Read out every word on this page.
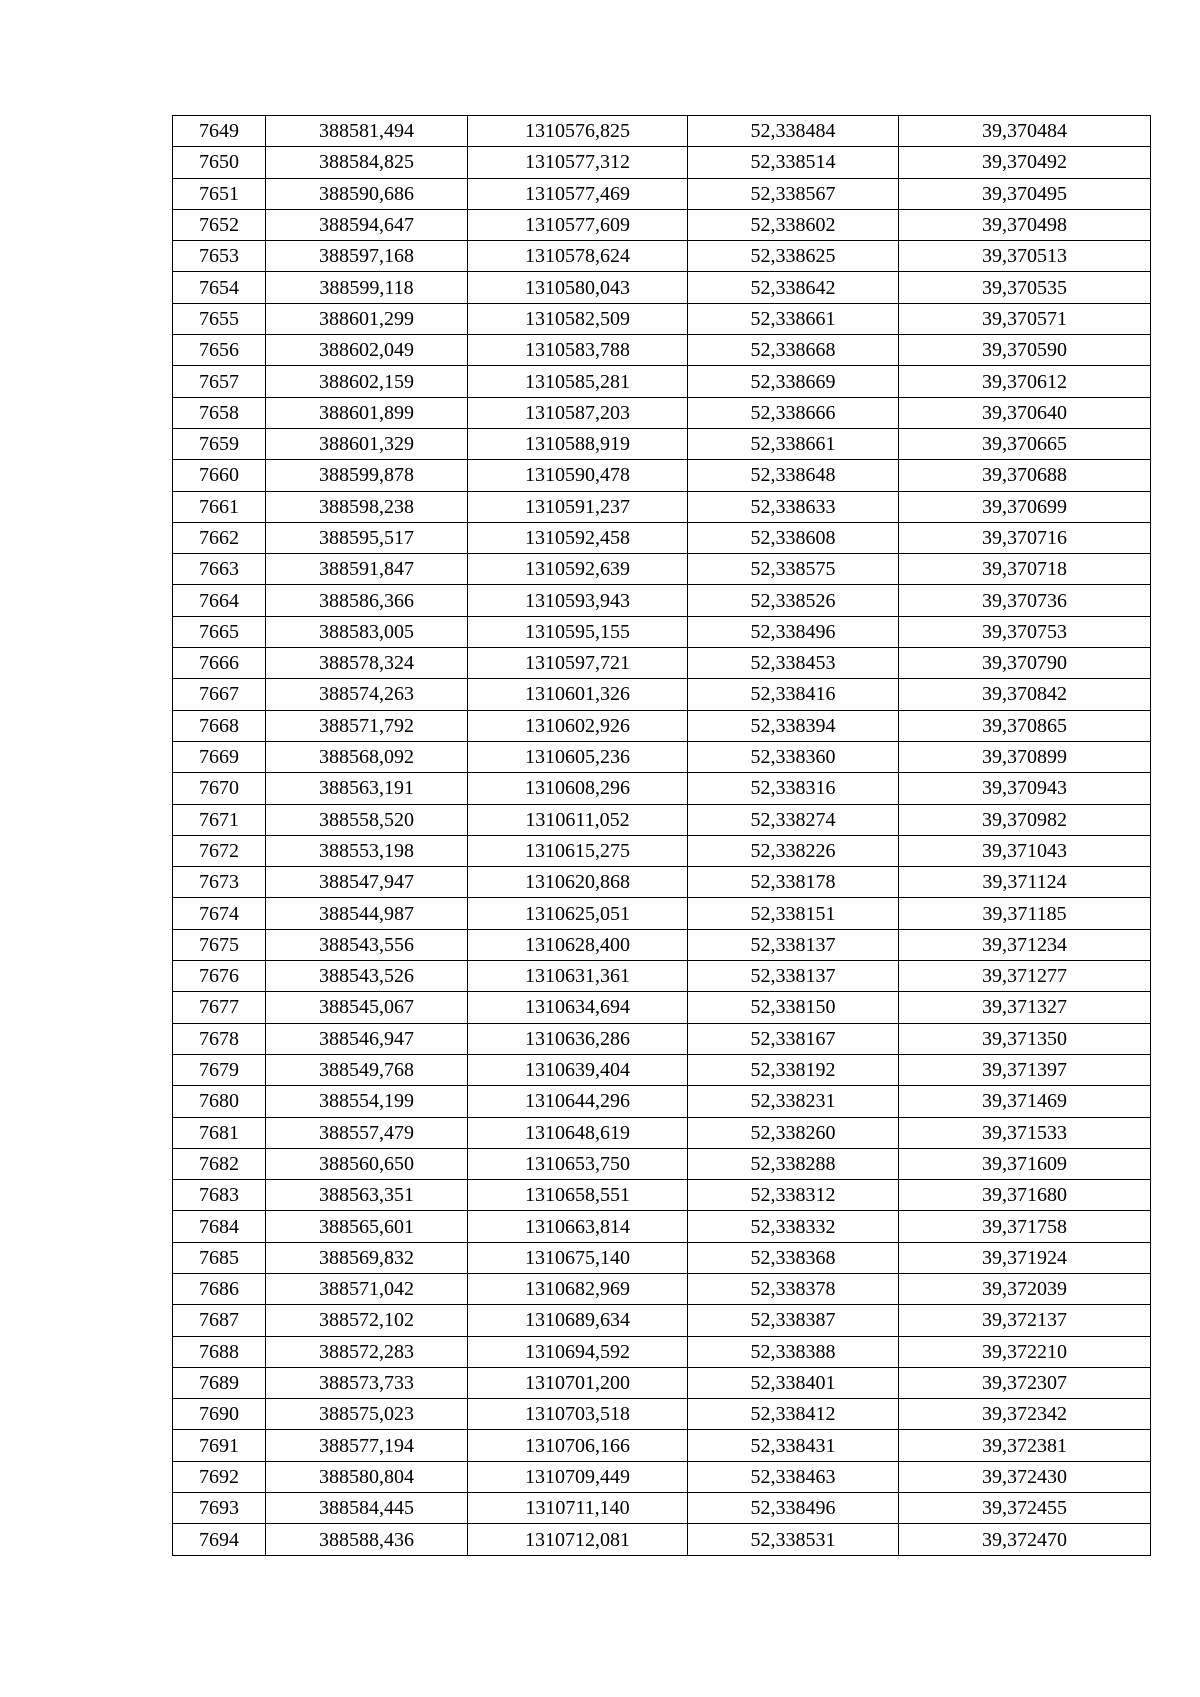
7649	388581,494	1310576,825	52,338484	39,370484
7650	388584,825	1310577,312	52,338514	39,370492
7651	388590,686	1310577,469	52,338567	39,370495
7652	388594,647	1310577,609	52,338602	39,370498
7653	388597,168	1310578,624	52,338625	39,370513
7654	388599,118	1310580,043	52,338642	39,370535
7655	388601,299	1310582,509	52,338661	39,370571
7656	388602,049	1310583,788	52,338668	39,370590
7657	388602,159	1310585,281	52,338669	39,370612
7658	388601,899	1310587,203	52,338666	39,370640
7659	388601,329	1310588,919	52,338661	39,370665
7660	388599,878	1310590,478	52,338648	39,370688
7661	388598,238	1310591,237	52,338633	39,370699
7662	388595,517	1310592,458	52,338608	39,370716
7663	388591,847	1310592,639	52,338575	39,370718
7664	388586,366	1310593,943	52,338526	39,370736
7665	388583,005	1310595,155	52,338496	39,370753
7666	388578,324	1310597,721	52,338453	39,370790
7667	388574,263	1310601,326	52,338416	39,370842
7668	388571,792	1310602,926	52,338394	39,370865
7669	388568,092	1310605,236	52,338360	39,370899
7670	388563,191	1310608,296	52,338316	39,370943
7671	388558,520	1310611,052	52,338274	39,370982
7672	388553,198	1310615,275	52,338226	39,371043
7673	388547,947	1310620,868	52,338178	39,371124
7674	388544,987	1310625,051	52,338151	39,371185
7675	388543,556	1310628,400	52,338137	39,371234
7676	388543,526	1310631,361	52,338137	39,371277
7677	388545,067	1310634,694	52,338150	39,371327
7678	388546,947	1310636,286	52,338167	39,371350
7679	388549,768	1310639,404	52,338192	39,371397
7680	388554,199	1310644,296	52,338231	39,371469
7681	388557,479	1310648,619	52,338260	39,371533
7682	388560,650	1310653,750	52,338288	39,371609
7683	388563,351	1310658,551	52,338312	39,371680
7684	388565,601	1310663,814	52,338332	39,371758
7685	388569,832	1310675,140	52,338368	39,371924
7686	388571,042	1310682,969	52,338378	39,372039
7687	388572,102	1310689,634	52,338387	39,372137
7688	388572,283	1310694,592	52,338388	39,372210
7689	388573,733	1310701,200	52,338401	39,372307
7690	388575,023	1310703,518	52,338412	39,372342
7691	388577,194	1310706,166	52,338431	39,372381
7692	388580,804	1310709,449	52,338463	39,372430
7693	388584,445	1310711,140	52,338496	39,372455
7694	388588,436	1310712,081	52,338531	39,372470
